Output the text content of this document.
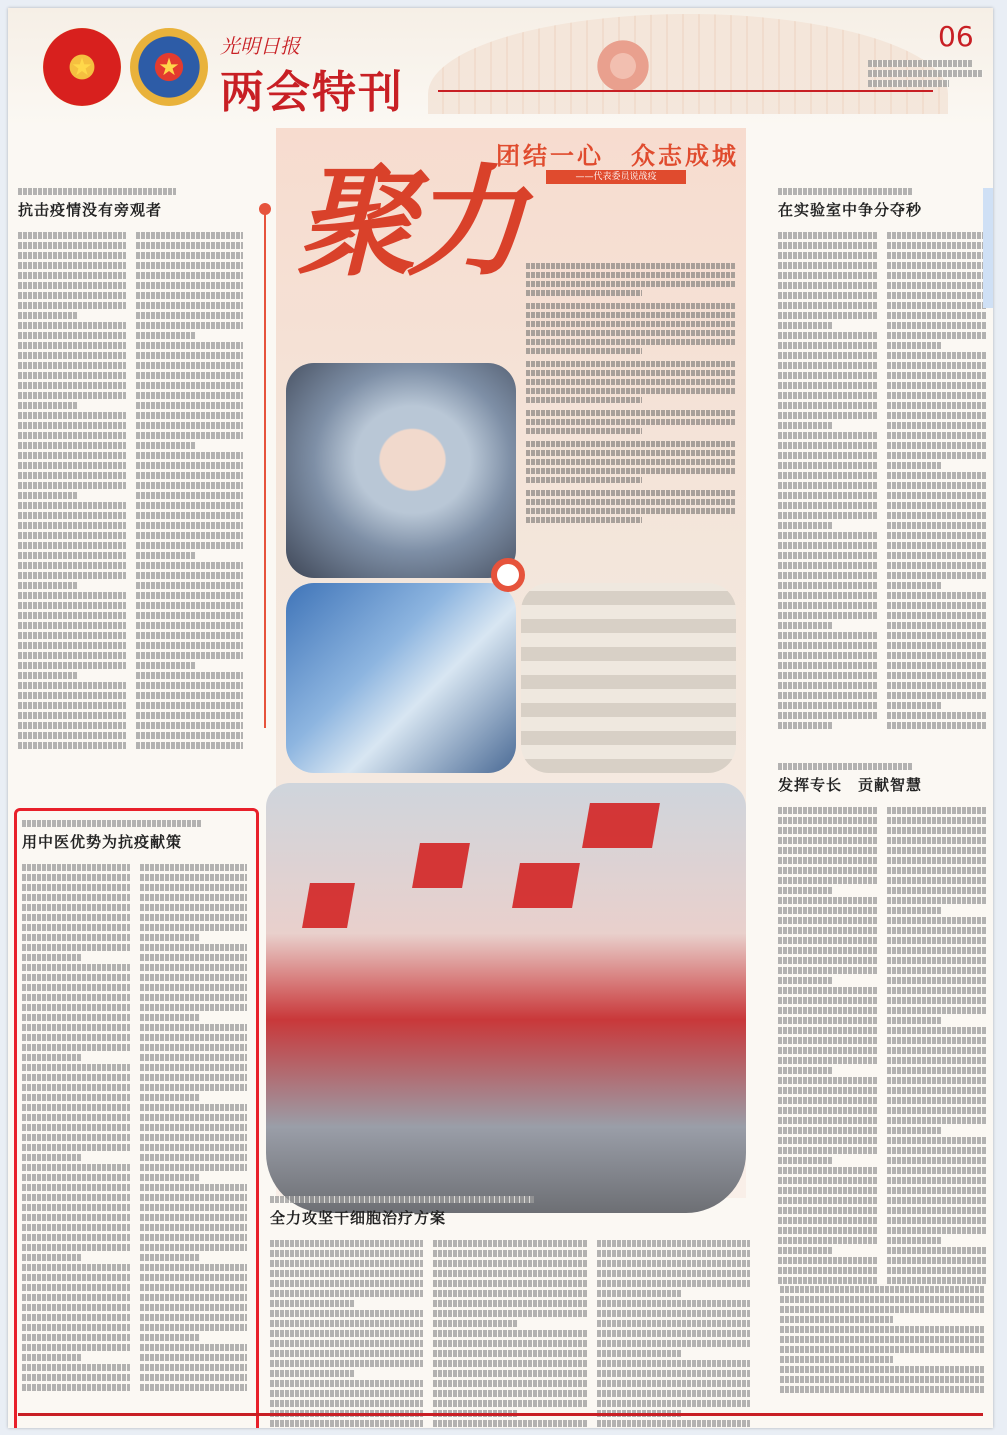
★	★
光明日报
两会特刊
06
抗击疫情没有旁观者
用中医优势为抗疫献策
团结一心　众志成城
——代表委员说战疫
聚力
全力攻坚干细胞治疗方案
在实验室中争分夺秒
发挥专长　贡献智慧
